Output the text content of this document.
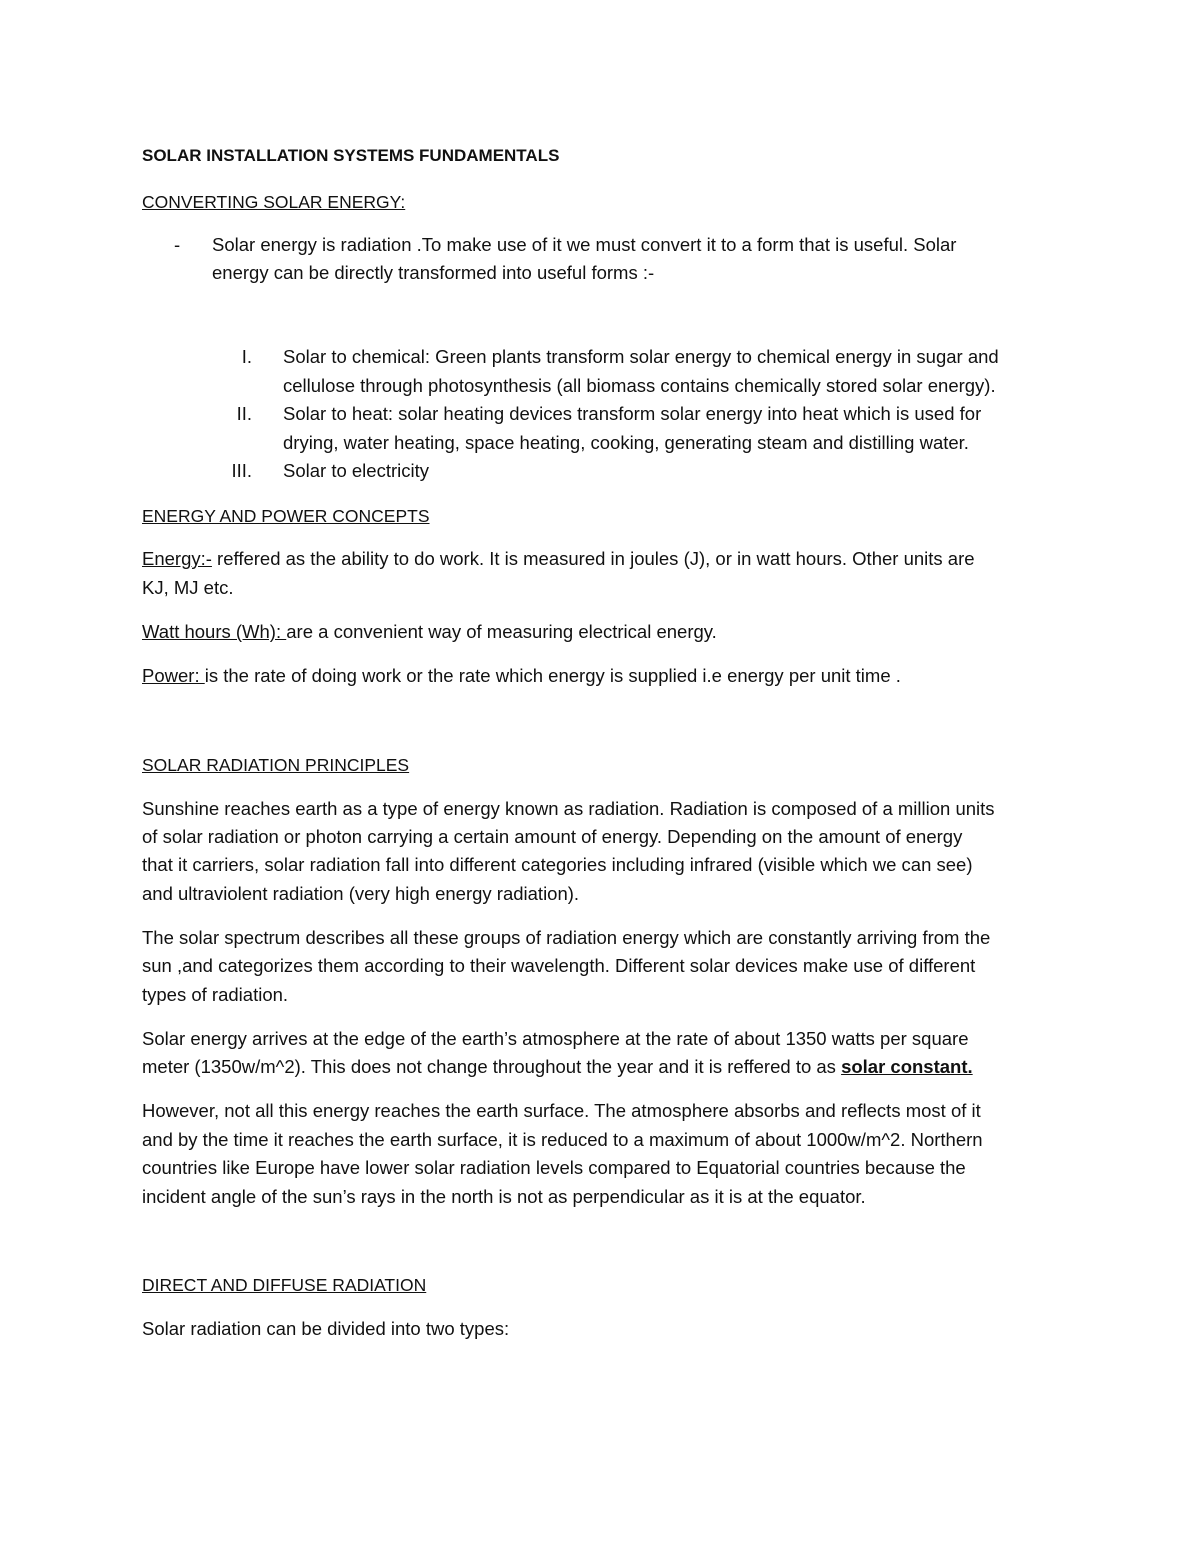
SOLAR INSTALLATION SYSTEMS FUNDAMENTALS
CONVERTING SOLAR ENERGY:
- Solar energy is radiation .To make use of it we must convert it to a form that is useful. Solar
energy can be directly transformed into useful forms :-
I. Solar to chemical: Green plants transform solar energy to chemical energy in sugar and
cellulose through photosynthesis (all biomass contains chemically stored solar energy).
II. Solar to heat: solar heating devices transform solar energy into heat which is used for
drying, water heating, space heating, cooking, generating steam and distilling water.
III. Solar to electricity
ENERGY AND POWER CONCEPTS
Energy:- reffered as the ability to do work. It is measured in joules (J), or in watt hours. Other units are
KJ, MJ etc.
Watt hours (Wh): are a convenient way of measuring electrical energy.
Power: is the rate of doing work or the rate which energy is supplied i.e energy per unit time .
SOLAR RADIATION PRINCIPLES
Sunshine reaches earth as a type of energy known as radiation. Radiation is composed of a million units
of solar radiation or photon carrying a certain amount of energy. Depending on the amount of energy
that it carriers, solar radiation fall into different categories including infrared (visible which we can see)
and ultraviolent radiation (very high energy radiation).
The solar spectrum describes all these groups of radiation energy which are constantly arriving from the
sun ,and categorizes them according to their wavelength. Different solar devices make use of different
types of radiation.
Solar energy arrives at the edge of the earth’s atmosphere at the rate of about 1350 watts per square
meter (1350w/m^2). This does not change throughout the year and it is reffered to as solar constant.
However, not all this energy reaches the earth surface. The atmosphere absorbs and reflects most of it
and by the time it reaches the earth surface, it is reduced to a maximum of about 1000w/m^2. Northern
countries like Europe have lower solar radiation levels compared to Equatorial countries because the
incident angle of the sun’s rays in the north is not as perpendicular as it is at the equator.
DIRECT AND DIFFUSE RADIATION
Solar radiation can be divided into two types:
